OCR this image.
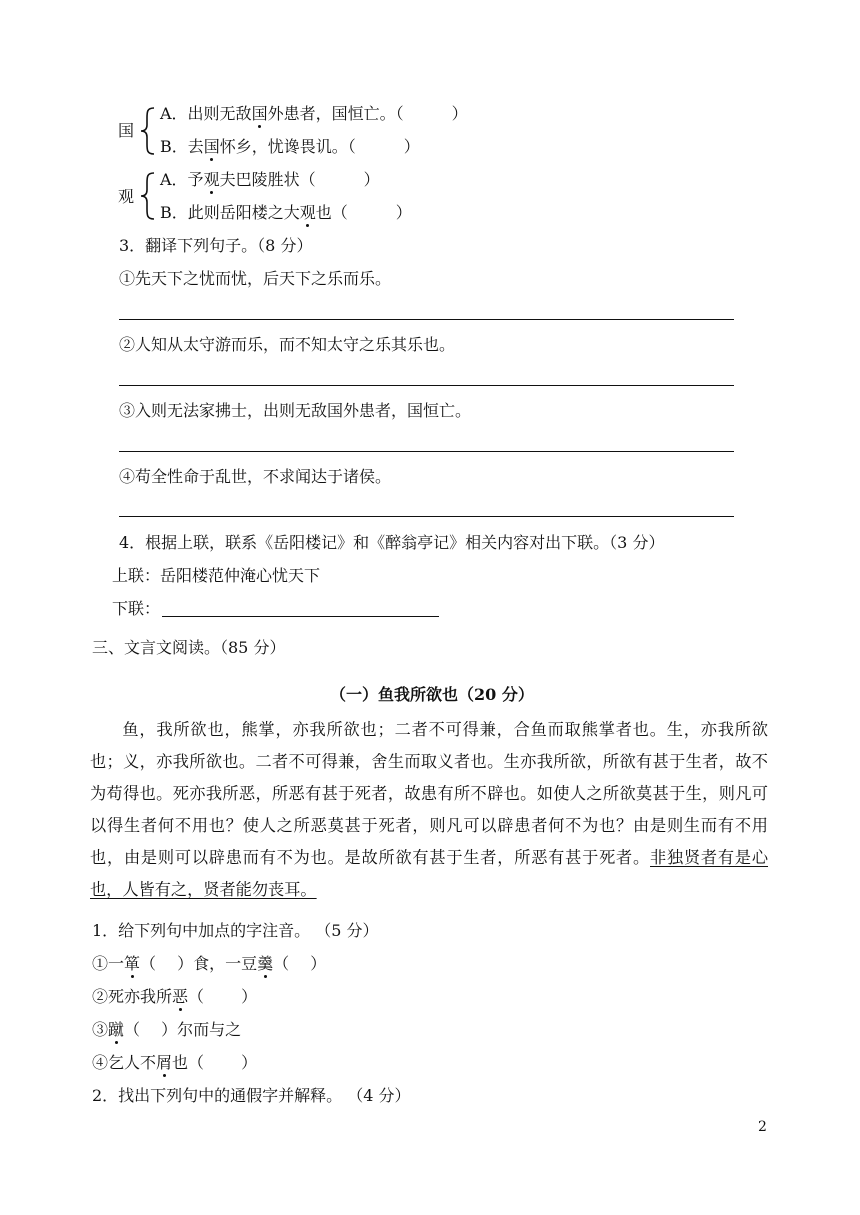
国
A．出则无敌国外患者，国恒亡。（	）
B．去国怀乡，忧谗畏讥。（	）
观
A．予观夫巴陵胜状（	）
B．此则岳阳楼之大观也（	）
3．翻译下列句子。（8 分）
①先天下之忧而忧，后天下之乐而乐。
②人知从太守游而乐，而不知太守之乐其乐也。
③入则无法家拂士，出则无敌国外患者，国恒亡。
④苟全性命于乱世，不求闻达于诸侯。
4．根据上联，联系《岳阳楼记》和《醉翁亭记》相关内容对出下联。（3 分）
上联：岳阳楼范仲淹心忧天下
下联：
三、文言文阅读。（85 分）
（一）鱼我所欲也（20 分）

鱼，我所欲也，熊掌，亦我所欲也；二者不可得兼，合鱼而取熊掌者也。生，亦我所欲也；义，亦我所欲也。二者不可得兼，舍生而取义者也。生亦我所欲，所欲有甚于生者，故不为苟得也。死亦我所恶，所恶有甚于死者，故患有所不辟也。如使人之所欲莫甚于生，则凡可以得生者何不用也？使人之所恶莫甚于死者，则凡可以辟患者何不为也？由是则生而有不用也，由是则可以辟患而有不为也。是故所欲有甚于生者，所恶有甚于死者。非独贤者有是心也，人皆有之，贤者能勿丧耳。

1．给下列句中加点的字注音。 （5 分）
①一箪（　 ）食，一豆羹（　 ）
②死亦我所恶（　　 ）
③蹴（　 ）尔而与之
④乞人不屑也（　　 ）
2．找出下列句中的通假字并解释。 （4 分）
2
